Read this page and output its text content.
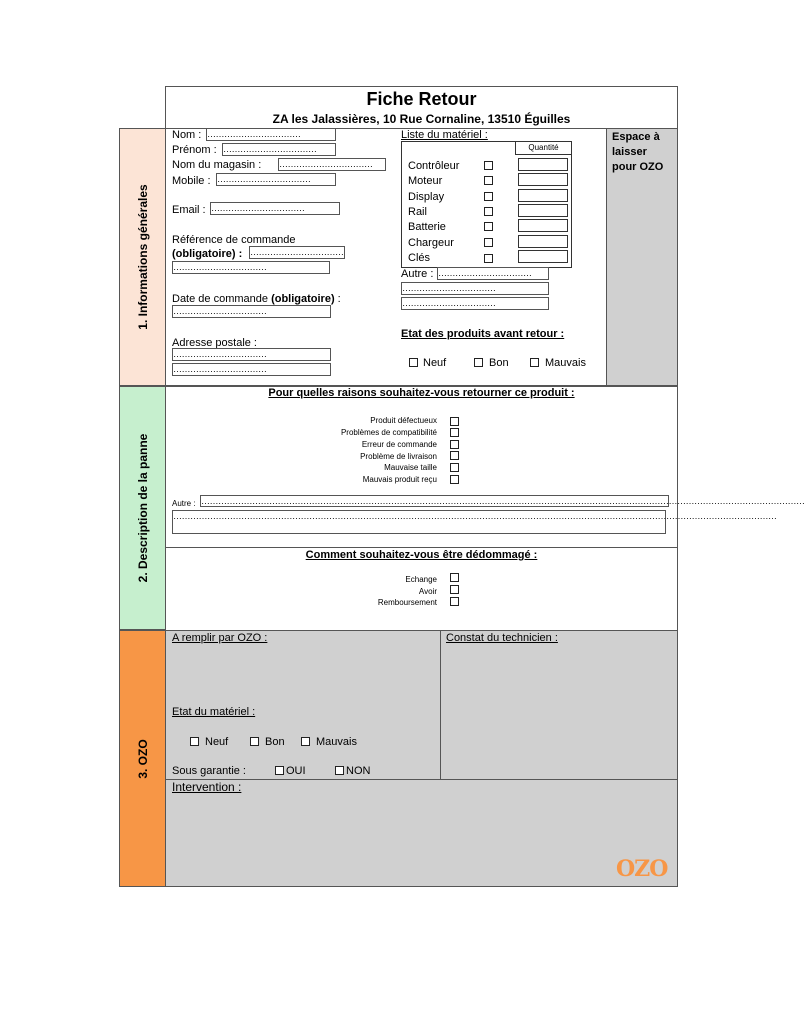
Fiche Retour
ZA les Jalassières, 10 Rue Cornaline, 13510 Éguilles
1. Informations générales
2. Description de la panne
3. OZO
Espace à laisser pour OZO
Nom : ……………………………
Prénom : ……………………………
Nom du magasin : ……………………………
Mobile : ……………………………
Email : ……………………………
Référence de commande
(obligatoire) : ……………………………
……………………………
Date de commande (obligatoire) :
……………………………
Adresse postale :
……………………………
……………………………
Liste du matériel :
Quantité
Contrôleur
Moteur
Display
Rail
Batterie
Chargeur
Clés
Autre : ……………………………
……………………………
……………………………
Etat des produits avant retour :
Neuf	Bon	Mauvais
Pour quelles raisons souhaitez-vous retourner ce produit :
Produit défectueux
Problèmes de compatibilité
Erreur de commande
Problème de livraison
Mauvaise taille
Mauvais produit reçu
Autre : ……………………………………………………………………………………………………………………………………………………………………………………………
……………………………………………………………………………………………………………………………………………………………………………………………
Comment souhaitez-vous être dédommagé :
Echange
Avoir
Remboursement
A remplir par OZO :	Constat du technicien :
Etat du matériel :
Neuf	Bon	Mauvais
Sous garantie :	OUI	NON
Intervention :
OZO
